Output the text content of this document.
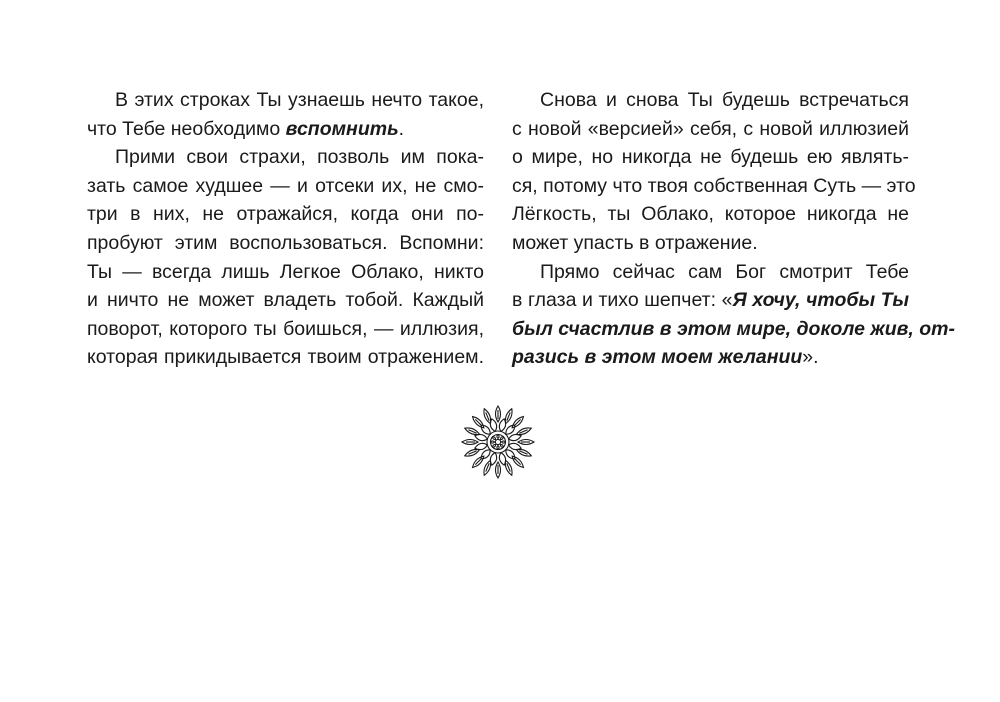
В этих строках Ты узнаешь нечто такое,
что Тебе необходимо вспомнить.
Прими свои страхи, позволь им пока-
зать самое худшее — и отсеки их, не смо-
три в них, не отражайся, когда они по-
пробуют этим воспользоваться. Вспомни:
Ты — всегда лишь Легкое Облако, никто
и ничто не может владеть тобой. Каждый
поворот, которого ты боишься, — иллюзия,
которая прикидывается твоим отражением.
Снова и снова Ты будешь встречаться
с новой «версией» себя, с новой иллюзией
о мире, но никогда не будешь ею являть-
ся, потому что твоя собственная Суть — это
Лёгкость, ты Облако, которое никогда не
может упасть в отражение.
Прямо сейчас сам Бог смотрит Тебе
в глаза и тихо шепчет: «Я хочу, чтобы Ты
был счастлив в этом мире, доколе жив, от-
разись в этом моем желании».
